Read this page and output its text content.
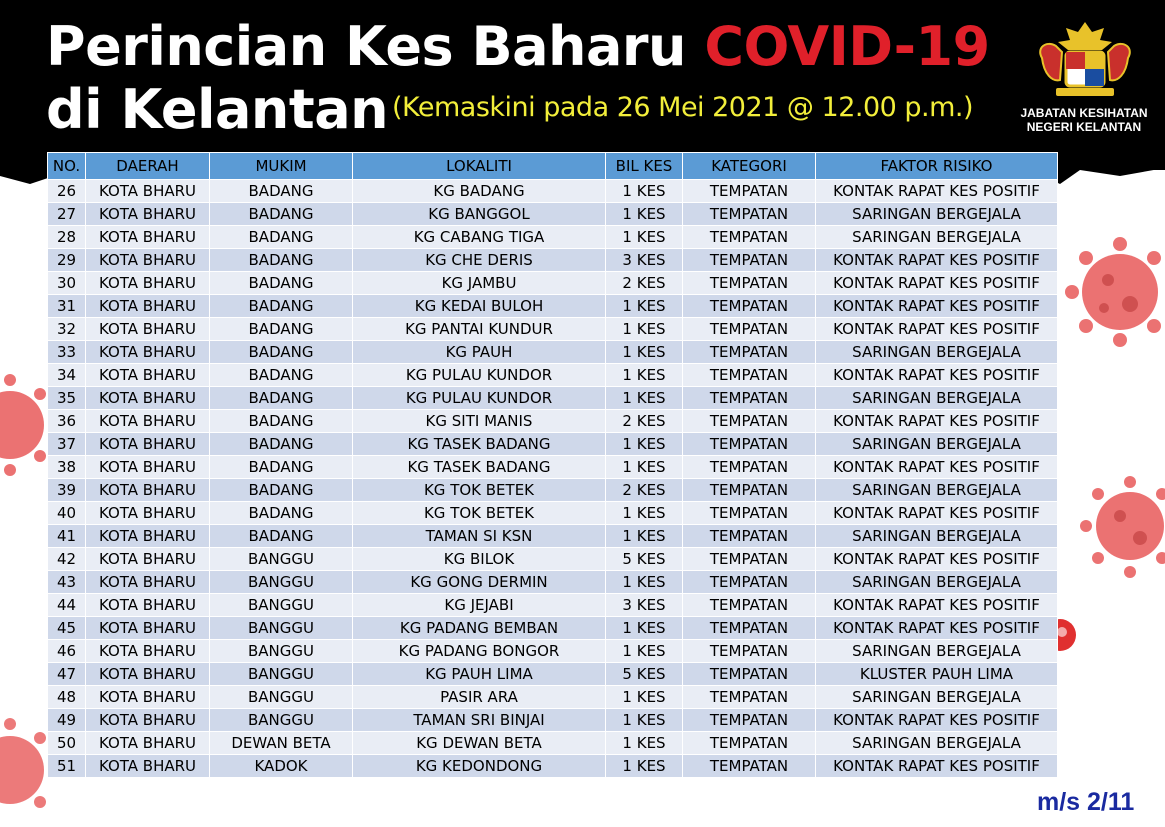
Perincian Kes Baharu COVID-19
di Kelantan (Kemaskini pada 26 Mei 2021 @ 12.00 p.m.)	JABATAN KESIHATAN
NEGERI KELANTAN
NO.	DAERAH	MUKIM	LOKALITI	BIL KES	KATEGORI	FAKTOR RISIKO
26	KOTA BHARU	BADANG	KG BADANG	1 KES	TEMPATAN	KONTAK RAPAT KES POSITIF
27	KOTA BHARU	BADANG	KG BANGGOL	1 KES	TEMPATAN	SARINGAN BERGEJALA
28	KOTA BHARU	BADANG	KG CABANG TIGA	1 KES	TEMPATAN	SARINGAN BERGEJALA
29	KOTA BHARU	BADANG	KG CHE DERIS	3 KES	TEMPATAN	KONTAK RAPAT KES POSITIF
30	KOTA BHARU	BADANG	KG JAMBU	2 KES	TEMPATAN	KONTAK RAPAT KES POSITIF
31	KOTA BHARU	BADANG	KG KEDAI BULOH	1 KES	TEMPATAN	KONTAK RAPAT KES POSITIF
32	KOTA BHARU	BADANG	KG PANTAI KUNDUR	1 KES	TEMPATAN	KONTAK RAPAT KES POSITIF
33	KOTA BHARU	BADANG	KG PAUH	1 KES	TEMPATAN	SARINGAN BERGEJALA
34	KOTA BHARU	BADANG	KG PULAU KUNDOR	1 KES	TEMPATAN	KONTAK RAPAT KES POSITIF
35	KOTA BHARU	BADANG	KG PULAU KUNDOR	1 KES	TEMPATAN	SARINGAN BERGEJALA
36	KOTA BHARU	BADANG	KG SITI MANIS	2 KES	TEMPATAN	KONTAK RAPAT KES POSITIF
37	KOTA BHARU	BADANG	KG TASEK BADANG	1 KES	TEMPATAN	SARINGAN BERGEJALA
38	KOTA BHARU	BADANG	KG TASEK BADANG	1 KES	TEMPATAN	KONTAK RAPAT KES POSITIF
39	KOTA BHARU	BADANG	KG TOK BETEK	2 KES	TEMPATAN	SARINGAN BERGEJALA
40	KOTA BHARU	BADANG	KG TOK BETEK	1 KES	TEMPATAN	KONTAK RAPAT KES POSITIF
41	KOTA BHARU	BADANG	TAMAN SI KSN	1 KES	TEMPATAN	SARINGAN BERGEJALA
42	KOTA BHARU	BANGGU	KG BILOK	5 KES	TEMPATAN	KONTAK RAPAT KES POSITIF
43	KOTA BHARU	BANGGU	KG GONG DERMIN	1 KES	TEMPATAN	SARINGAN BERGEJALA
44	KOTA BHARU	BANGGU	KG JEJABI	3 KES	TEMPATAN	KONTAK RAPAT KES POSITIF
45	KOTA BHARU	BANGGU	KG PADANG BEMBAN	1 KES	TEMPATAN	KONTAK RAPAT KES POSITIF
46	KOTA BHARU	BANGGU	KG PADANG BONGOR	1 KES	TEMPATAN	SARINGAN BERGEJALA
47	KOTA BHARU	BANGGU	KG PAUH LIMA	5 KES	TEMPATAN	KLUSTER PAUH LIMA
48	KOTA BHARU	BANGGU	PASIR ARA	1 KES	TEMPATAN	SARINGAN BERGEJALA
49	KOTA BHARU	BANGGU	TAMAN SRI BINJAI	1 KES	TEMPATAN	KONTAK RAPAT KES POSITIF
50	KOTA BHARU	DEWAN BETA	KG DEWAN BETA	1 KES	TEMPATAN	SARINGAN BERGEJALA
51	KOTA BHARU	KADOK	KG KEDONDONG	1 KES	TEMPATAN	KONTAK RAPAT KES POSITIF
m/s 2/11
